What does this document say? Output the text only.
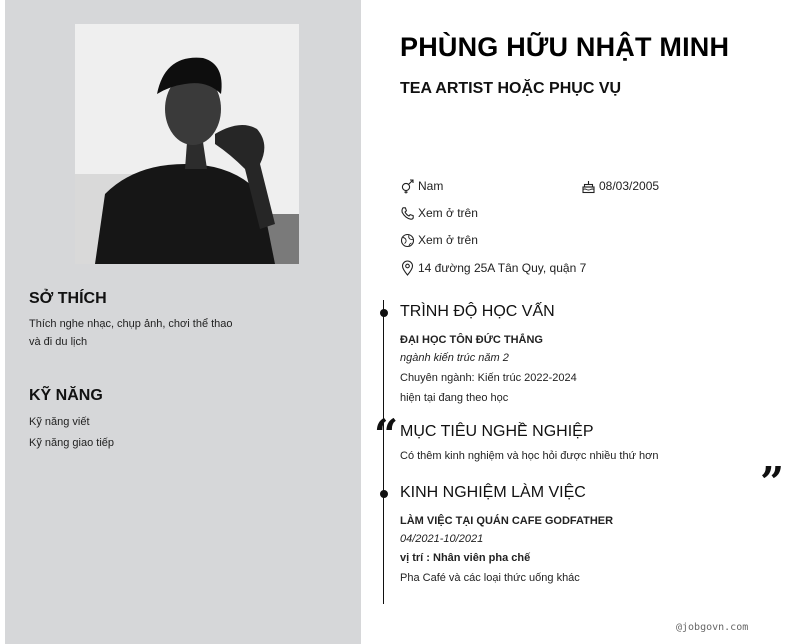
SỞ THÍCH
Thích nghe nhạc, chụp ảnh, chơi thể thao
và đi du lịch
KỸ NĂNG
Kỹ năng viết
Kỹ năng giao tiếp
PHÙNG HỮU NHẬT MINH
TEA ARTIST HOẶC PHỤC VỤ
Nam	08/03/2005
Xem ở trên
Xem ở trên
14 đường 25A Tân Quy, quận 7
TRÌNH ĐỘ HỌC VẤN
ĐẠI HỌC TÔN ĐỨC THẮNG
ngành kiến trúc năm 2
Chuyên ngành: Kiến trúc 2022-2024
hiện tại đang theo học
“ MỤC TIÊU NGHỀ NGHIỆP
Có thêm kinh nghiệm và học hỏi được nhiều thứ hơn
”
KINH NGHIỆM LÀM VIỆC
LÀM VIỆC TẠI QUÁN CAFE GODFATHER
04/2021-10/2021
vị trí : Nhân viên pha chế
Pha Café và các loại thức uống khác
@jobgovn.com
